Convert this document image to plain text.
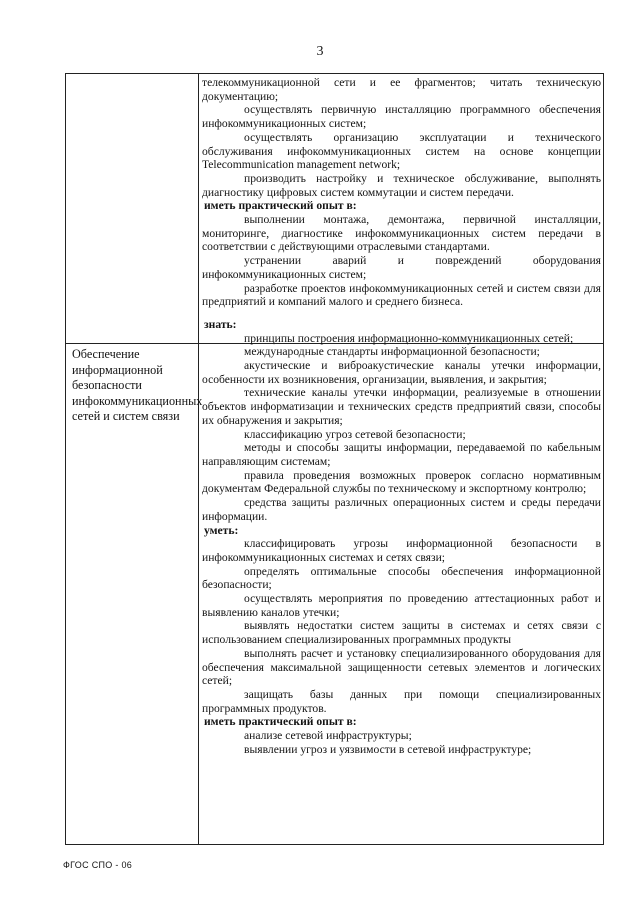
3
Обеспечение информационной безопасности инфокоммуникационных сетей и систем связи

телекоммуникационной сети и ее фрагментов; читать техническую документацию;

осуществлять первичную инсталляцию программного обеспечения инфокоммуникационных систем;

осуществлять организацию эксплуатации и технического обслуживания инфокоммуникационных систем на основе концепции Telecommunication management network;

производить настройку и техническое обслуживание, выполнять диагностику цифровых систем коммутации и систем передачи.

иметь практический опыт в:

выполнении монтажа, демонтажа, первичной инсталляции, мониторинге, диагностике инфокоммуникационных систем передачи в соответствии с действующими отраслевыми стандартами.

устранении аварий и повреждений оборудования инфокоммуникационных систем;

разработке проектов инфокоммуникационных сетей и систем связи для предприятий и компаний малого и среднего бизнеса.

знать:

принципы построения информационно-коммуникационных сетей;

международные стандарты информационной безопасности;

акустические и виброакустические каналы утечки информации, особенности их возникновения, организации, выявления, и закрытия;

технические каналы утечки информации, реализуемые в отношении объектов информатизации и технических средств предприятий связи, способы их обнаружения и закрытия;

классификацию угроз сетевой безопасности;

методы и способы защиты информации, передаваемой по кабельным направляющим системам;

правила проведения возможных проверок согласно нормативным документам Федеральной службы по техническому и экспортному контролю;

средства защиты различных операционных систем и среды передачи информации.

уметь:

классифицировать угрозы информационной безопасности в инфокоммуникационных системах и сетях связи;

определять оптимальные способы обеспечения информационной безопасности;

осуществлять мероприятия по проведению аттестационных работ и выявлению каналов утечки;

выявлять недостатки систем защиты в системах и сетях связи с использованием специализированных программных продукты

выполнять расчет и установку специализированного оборудования для обеспечения максимальной защищенности сетевых элементов и логических сетей;

защищать базы данных при помощи специализированных программных продуктов.

иметь практический опыт в:

анализе сетевой инфраструктуры;

выявлении угроз и уязвимости в сетевой инфраструктуре;

ФГОС СПО - 06
